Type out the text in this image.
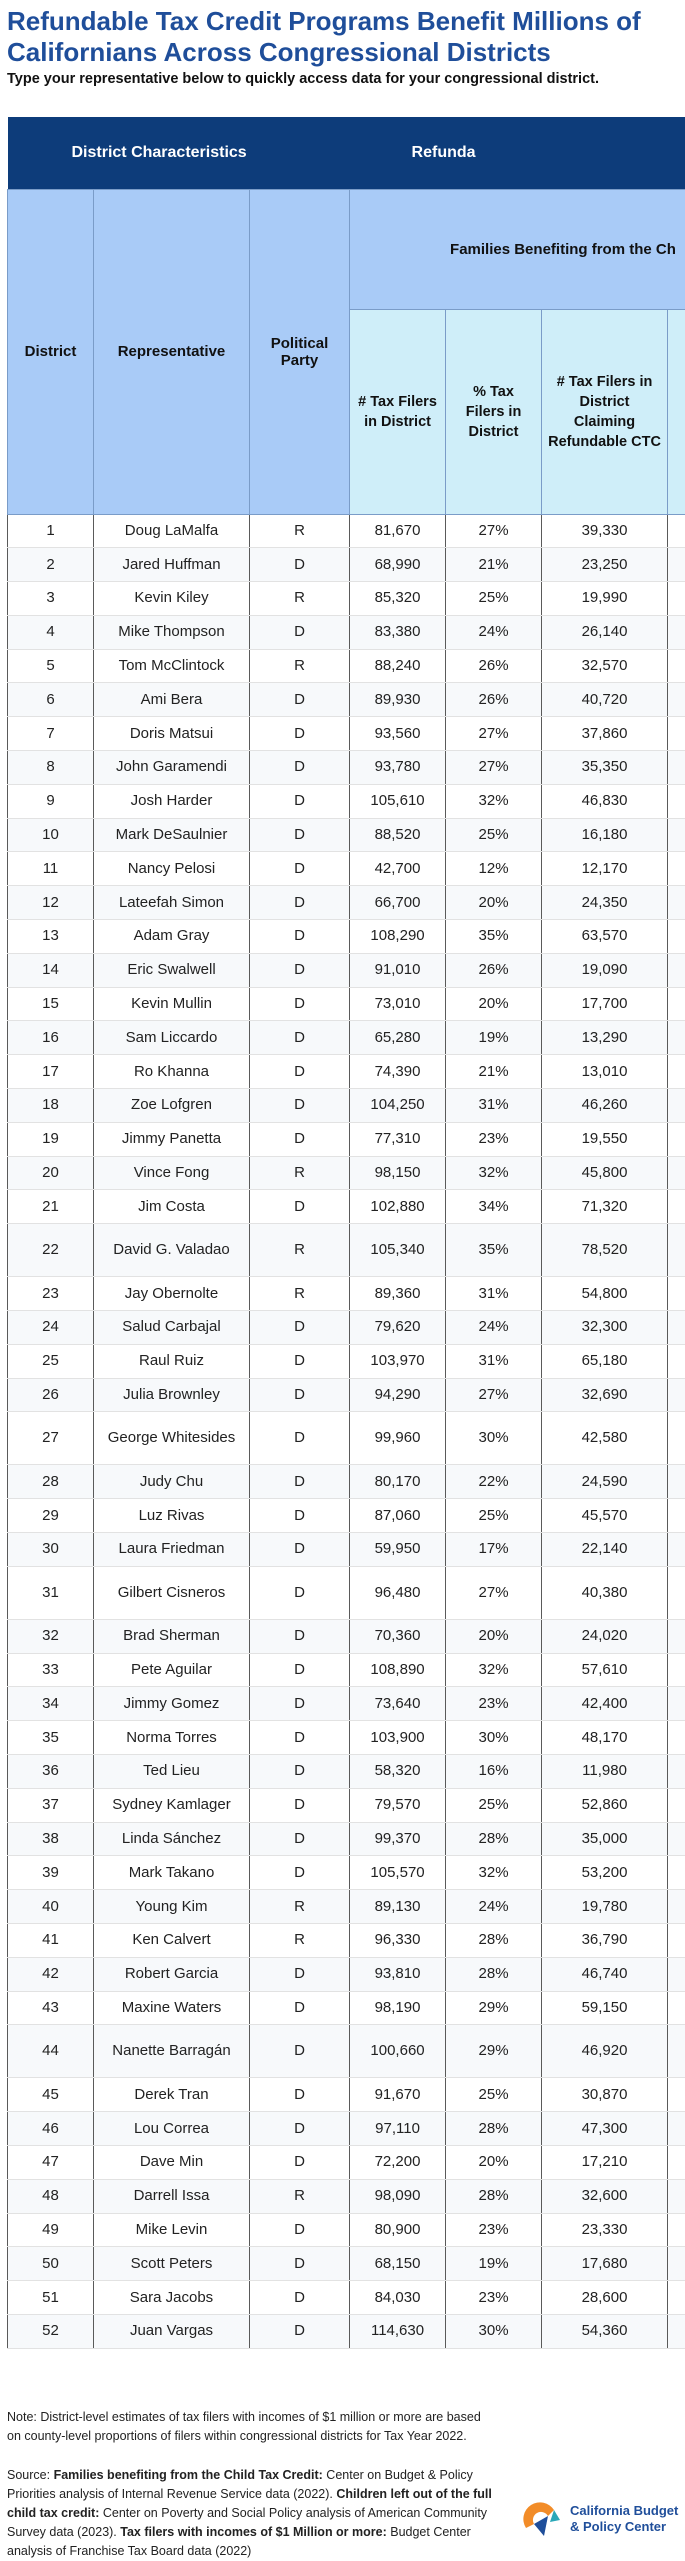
Refundable Tax Credit Programs Benefit Millions of Californians Across Congressional Districts
Type your representative below to quickly access data for your congressional district.
District Characteristics			Refunda			
District	Representative	Political Party	Families Benefiting from the Ch			
			# Tax Filers in District	% Tax Filers in District	# Tax Filers in District Claiming Refundable CTC	
1	Doug LaMalfa	R	81,670	27%	39,330	
2	Jared Huffman	D	68,990	21%	23,250	
3	Kevin Kiley	R	85,320	25%	19,990	
4	Mike Thompson	D	83,380	24%	26,140	
5	Tom McClintock	R	88,240	26%	32,570	
6	Ami Bera	D	89,930	26%	40,720	
7	Doris Matsui	D	93,560	27%	37,860	
8	John Garamendi	D	93,780	27%	35,350	
9	Josh Harder	D	105,610	32%	46,830	
10	Mark DeSaulnier	D	88,520	25%	16,180	
11	Nancy Pelosi	D	42,700	12%	12,170	
12	Lateefah Simon	D	66,700	20%	24,350	
13	Adam Gray	D	108,290	35%	63,570	
14	Eric Swalwell	D	91,010	26%	19,090	
15	Kevin Mullin	D	73,010	20%	17,700	
16	Sam Liccardo	D	65,280	19%	13,290	
17	Ro Khanna	D	74,390	21%	13,010	
18	Zoe Lofgren	D	104,250	31%	46,260	
19	Jimmy Panetta	D	77,310	23%	19,550	
20	Vince Fong	R	98,150	32%	45,800	
21	Jim Costa	D	102,880	34%	71,320	
22	David G. Valadao	R	105,340	35%	78,520	
23	Jay Obernolte	R	89,360	31%	54,800	
24	Salud Carbajal	D	79,620	24%	32,300	
25	Raul Ruiz	D	103,970	31%	65,180	
26	Julia Brownley	D	94,290	27%	32,690	
27	George Whitesides	D	99,960	30%	42,580	
28	Judy Chu	D	80,170	22%	24,590	
29	Luz Rivas	D	87,060	25%	45,570	
30	Laura Friedman	D	59,950	17%	22,140	
31	Gilbert Cisneros	D	96,480	27%	40,380	
32	Brad Sherman	D	70,360	20%	24,020	
33	Pete Aguilar	D	108,890	32%	57,610	
34	Jimmy Gomez	D	73,640	23%	42,400	
35	Norma Torres	D	103,900	30%	48,170	
36	Ted Lieu	D	58,320	16%	11,980	
37	Sydney Kamlager	D	79,570	25%	52,860	
38	Linda Sánchez	D	99,370	28%	35,000	
39	Mark Takano	D	105,570	32%	53,200	
40	Young Kim	R	89,130	24%	19,780	
41	Ken Calvert	R	96,330	28%	36,790	
42	Robert Garcia	D	93,810	28%	46,740	
43	Maxine Waters	D	98,190	29%	59,150	
44	Nanette Barragán	D	100,660	29%	46,920	
45	Derek Tran	D	91,670	25%	30,870	
46	Lou Correa	D	97,110	28%	47,300	
47	Dave Min	D	72,200	20%	17,210	
48	Darrell Issa	R	98,090	28%	32,600	
49	Mike Levin	D	80,900	23%	23,330	
50	Scott Peters	D	68,150	19%	17,680	
51	Sara Jacobs	D	84,030	23%	28,600	
52	Juan Vargas	D	114,630	30%	54,360	
Note: District-level estimates of tax filers with incomes of $1 million or more are based on county-level proportions of filers within congressional districts for Tax Year 2022.
Source: Families benefiting from the Child Tax Credit: Center on Budget & Policy Priorities analysis of Internal Revenue Service data (2022). Children left out of the full child tax credit: Center on Poverty and Social Policy analysis of American Community Survey data (2023). Tax filers with incomes of $1 Million or more: Budget Center analysis of Franchise Tax Board data (2022)
California Budget
& Policy Center
